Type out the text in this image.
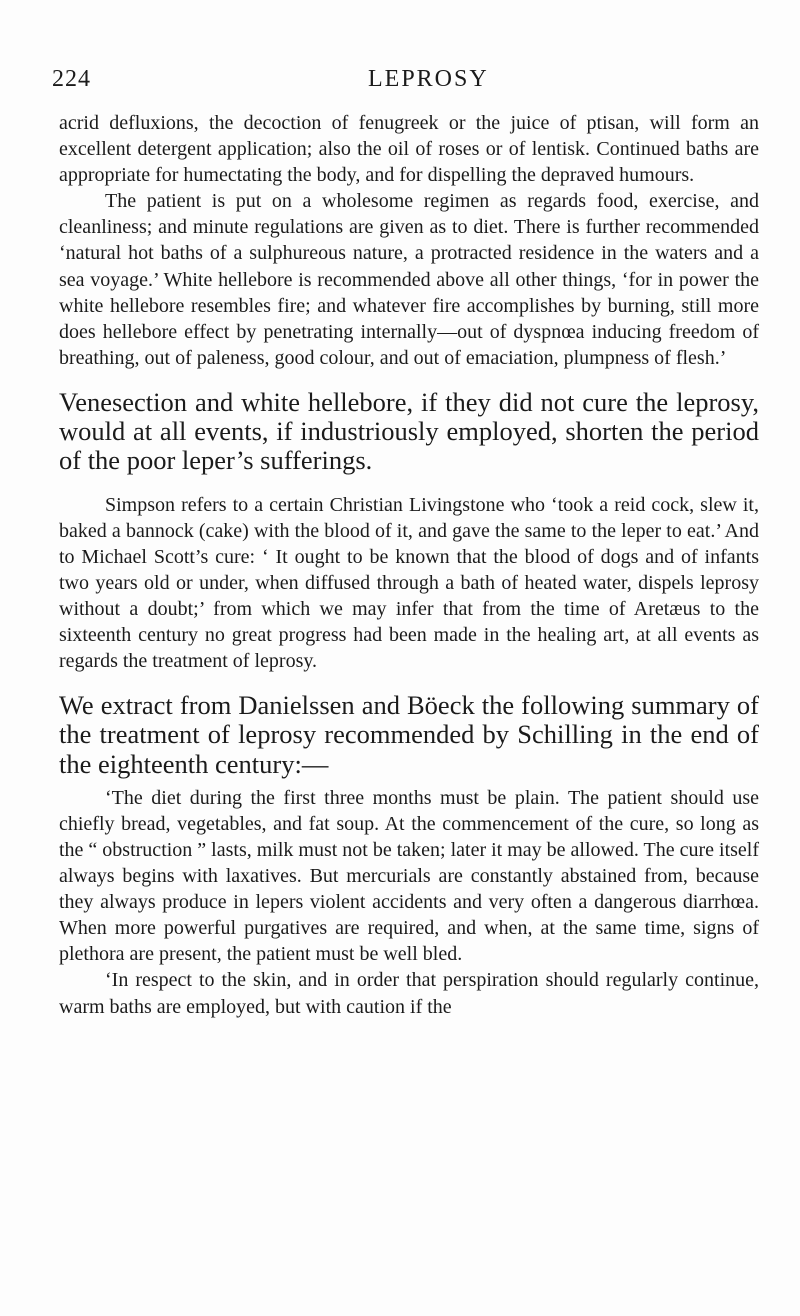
224	LEPROSY

acrid defluxions, the decoction of fenugreek or the juice of ptisan, will form an excellent detergent application; also the oil of roses or of lentisk. Continued baths are appropriate for humectating the body, and for dispelling the depraved humours.

The patient is put on a wholesome regimen as regards food, exercise, and cleanliness; and minute regulations are given as to diet. There is further recommended ‘natural hot baths of a sulphureous nature, a protracted residence in the waters and a sea voyage.’ White hellebore is recommended above all other things, ‘for in power the white hellebore resembles fire; and whatever fire accomplishes by burning, still more does hellebore effect by penetrating internally—out of dyspnœa inducing freedom of breathing, out of paleness, good colour, and out of emaciation, plumpness of flesh.’

Venesection and white hellebore, if they did not cure the leprosy, would at all events, if industriously employed, shorten the period of the poor leper’s sufferings.

Simpson refers to a certain Christian Livingstone who ‘took a reid cock, slew it, baked a bannock (cake) with the blood of it, and gave the same to the leper to eat.’ And to Michael Scott’s cure: ‘ It ought to be known that the blood of dogs and of infants two years old or under, when diffused through a bath of heated water, dispels leprosy without a doubt;’ from which we may infer that from the time of Aretæus to the sixteenth century no great progress had been made in the healing art, at all events as regards the treatment of leprosy.

We extract from Danielssen and Böeck the following summary of the treatment of leprosy recommended by Schilling in the end of the eighteenth century:—

‘The diet during the first three months must be plain. The patient should use chiefly bread, vegetables, and fat soup. At the commencement of the cure, so long as the “ obstruction ” lasts, milk must not be taken; later it may be allowed. The cure itself always begins with laxatives. But mercurials are constantly abstained from, because they always produce in lepers violent accidents and very often a dangerous diarrhœa. When more powerful purgatives are required, and when, at the same time, signs of plethora are present, the patient must be well bled.

‘In respect to the skin, and in order that perspiration should regularly continue, warm baths are employed, but with caution if the
